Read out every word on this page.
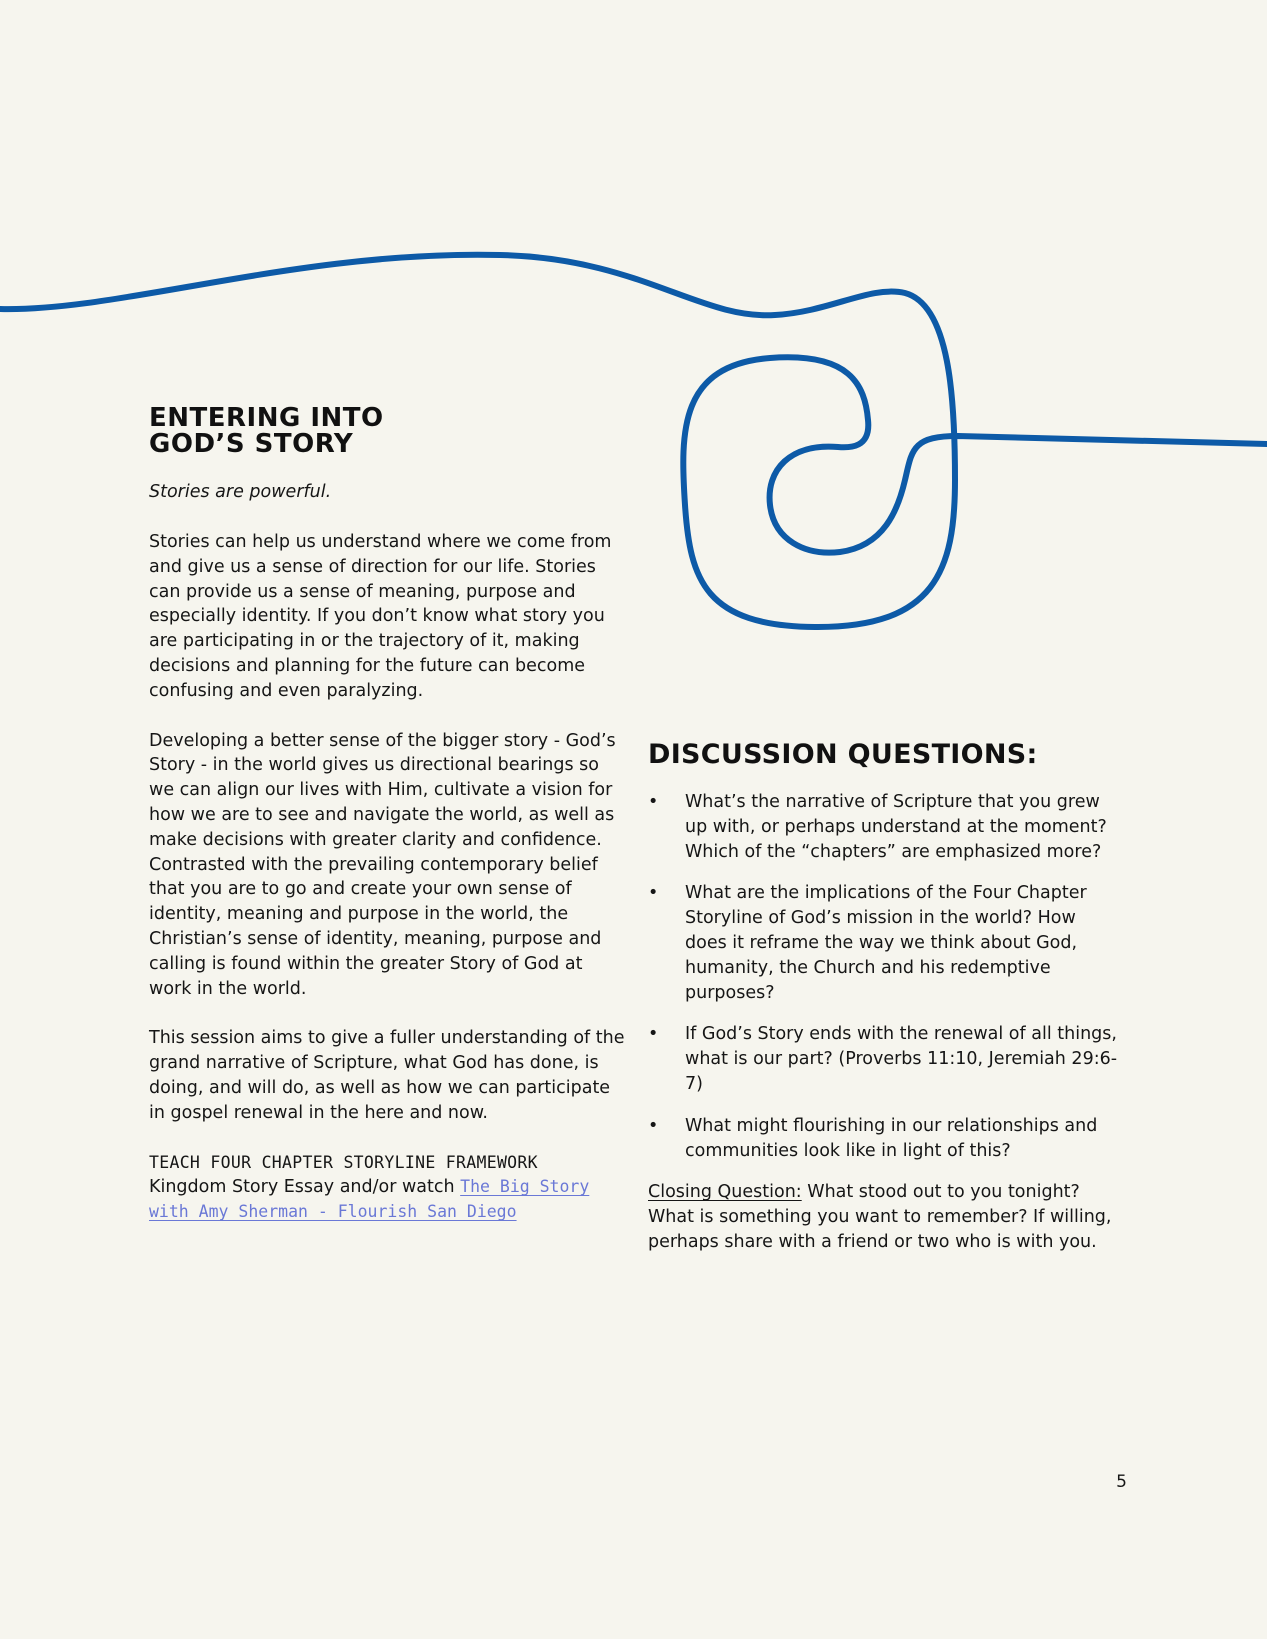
ENTERING INTO
GOD’S STORY

Stories are powerful.

Stories can help us understand where we come from and give us a sense of direction for our life. Stories can provide us a sense of meaning, purpose and especially identity. If you don’t know what story you are participating in or the trajectory of it, making decisions and planning for the future can become confusing and even paralyzing.

Developing a better sense of the bigger story - God’s Story - in the world gives us directional bearings so we can align our lives with Him, cultivate a vision for how we are to see and navigate the world, as well as make decisions with greater clarity and confidence. Contrasted with the prevailing contemporary belief that you are to go and create your own sense of identity, meaning and purpose in the world, the Christian’s sense of identity, meaning, purpose and calling is found within the greater Story of God at work in the world.

This session aims to give a fuller understanding of the grand narrative of Scripture, what God has done, is doing, and will do, as well as how we can participate in gospel renewal in the here and now.

TEACH FOUR CHAPTER STORYLINE FRAMEWORK
Kingdom Story Essay and/or watch The Big Story with Amy Sherman - Flourish San Diego
DISCUSSION QUESTIONS:
• What’s the narrative of Scripture that you grew up with, or perhaps understand at the moment? Which of the “chapters” are emphasized more?
• What are the implications of the Four Chapter Storyline of God’s mission in the world? How does it reframe the way we think about God, humanity, the Church and his redemptive purposes?
• If God’s Story ends with the renewal of all things, what is our part? (Proverbs 11:10, Jeremiah 29:6-7)
• What might flourishing in our relationships and communities look like in light of this?

Closing Question: What stood out to you tonight? What is something you want to remember? If willing, perhaps share with a friend or two who is with you.

5
